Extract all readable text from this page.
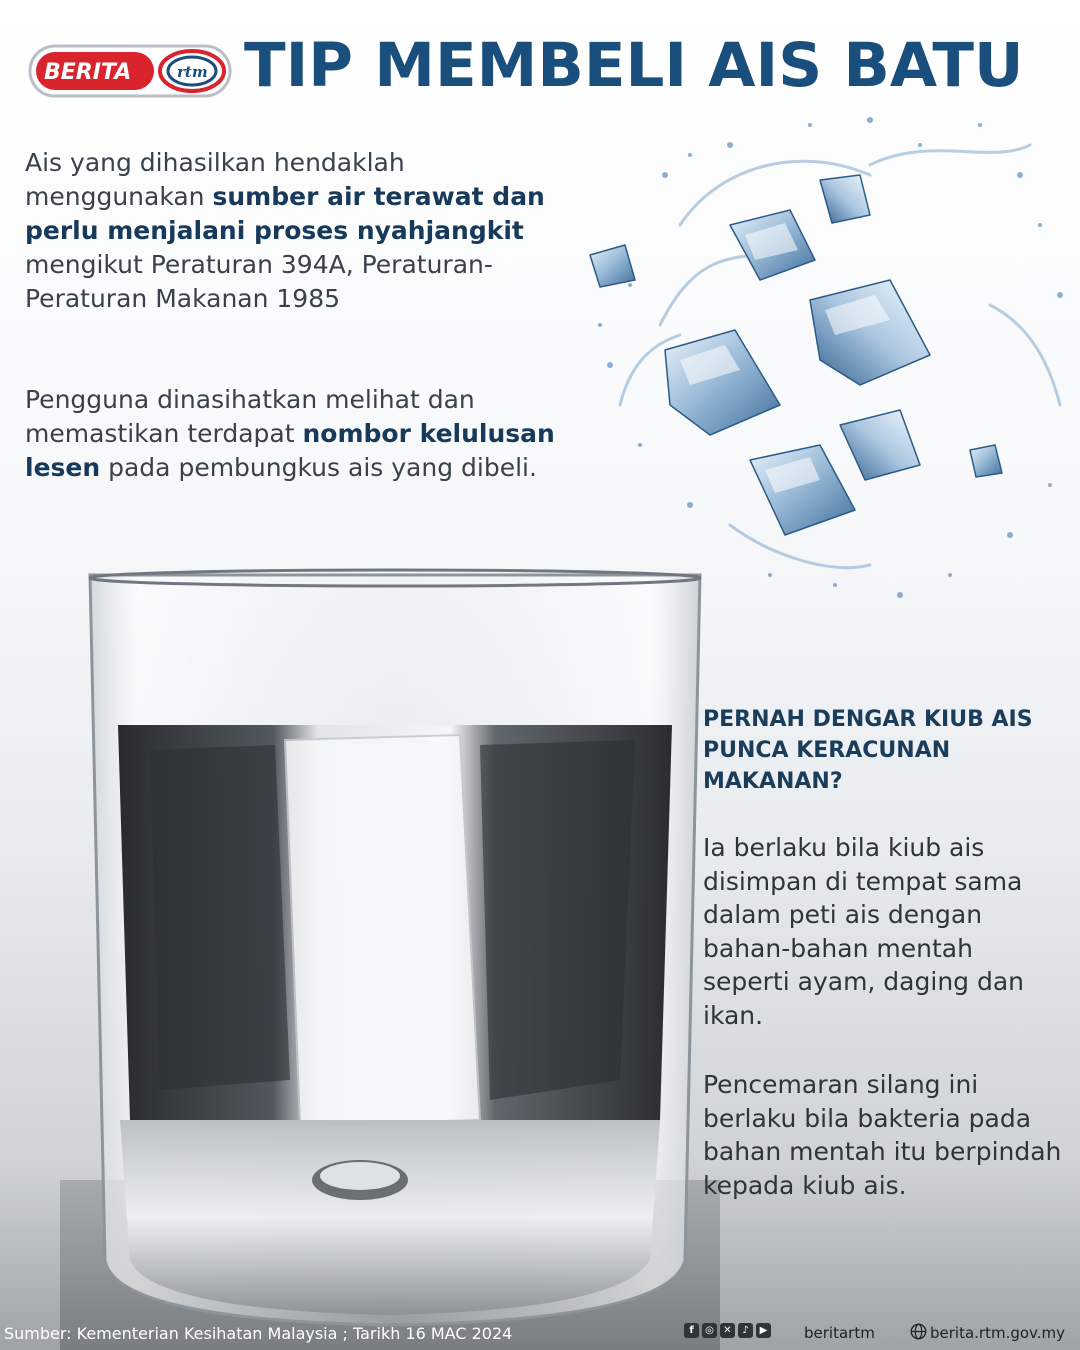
BERITA	rtm TIP MEMBELI AIS BATU

Ais yang dihasilkan hendaklah menggunakan sumber air terawat dan perlu menjalani proses nyahjangkit mengikut Peraturan 394A, Peraturan-Peraturan Makanan 1985

Pengguna dinasihatkan melihat dan memastikan terdapat nombor kelulusan lesen pada pembungkus ais yang dibeli.

PERNAH DENGAR KIUB AIS PUNCA KERACUNAN MAKANAN?

Ia berlaku bila kiub ais disimpan di tempat sama dalam peti ais dengan bahan-bahan mentah seperti ayam, daging dan ikan.

Pencemaran silang ini berlaku bila bakteria pada bahan mentah itu berpindah kepada kiub ais.

Sumber: Kementerian Kesihatan Malaysia ; Tarikh 16 MAC 2024	f	◎ ✕	♪	▶ beritartm	berita.rtm.gov.my
